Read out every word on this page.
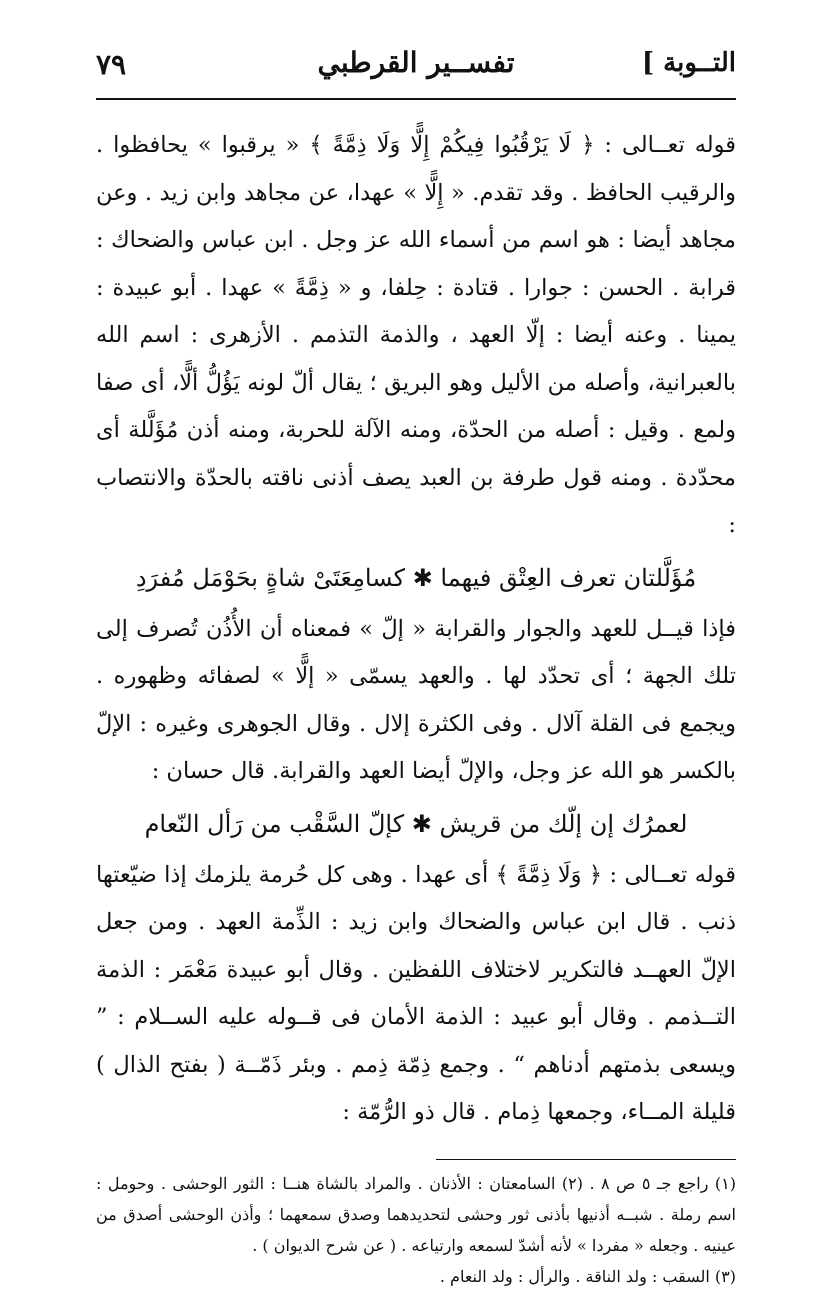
التــوبة ]
تفســير القرطبي
٧٩

قوله تعــالى : ﴿ لَا يَرْقُبُوا فِيكُمْ إِلًّا وَلَا ذِمَّةً ﴾ « يرقبوا » يحافظوا . والرقيب الحافظ . وقد تقدم. « إِلًّا » عهدا، عن مجاهد وابن زيد . وعن مجاهد أيضا : هو اسم من أسماء الله عز وجل . ابن عباس والضحاك : قرابة . الحسن : جوارا . قتادة : حِلفا، و « ذِمَّةً » عهدا . أبو عبيدة : يمينا . وعنه أيضا : إلّا العهد ، والذمة التذمم . الأزهرى : اسم الله بالعبرانية، وأصله من الأليل وهو البريق ؛ يقال ألّ لونه يَؤُلُّ ألًّا، أى صفا ولمع . وقيل : أصله من الحدّة، ومنه الآلة للحربة، ومنه أذن مُؤَلَّلة أى محدّدة . ومنه قول طرفة بن العبد يصف أذنى ناقته بالحدّة والانتصاب :

مُؤَلَّلتان تعرف العِتْق فيهما ✱ كسامِعَتَىْ شاةٍ بحَوْمَل مُفرَدِ

فإذا قيــل للعهد والجوار والقرابة « إلّ » فمعناه أن الأُذُن تُصرف إلى تلك الجهة ؛ أى تحدّد لها . والعهد يسمّى « إلًّا » لصفائه وظهوره . ويجمع فى القلة آلال . وفى الكثرة إلال . وقال الجوهرى وغيره : الإلّ بالكسر هو الله عز وجل، والإلّ أيضا العهد والقرابة. قال حسان :

لعمرُك إن إلّك من قريش ✱ كإلّ السَّقْب من رَأل النّعام

قوله تعــالى : ﴿ وَلَا ذِمَّةً ﴾ أى عهدا . وهى كل حُرمة يلزمك إذا ضيّعتها ذنب . قال ابن عباس والضحاك وابن زيد : الذِّمة العهد . ومن جعل الإلّ العهــد فالتكرير لاختلاف اللفظين . وقال أبو عبيدة مَعْمَر : الذمة التــذمم . وقال أبو عبيد : الذمة الأمان فى قــوله عليه الســلام : ” ويسعى بذمتهم أدناهم “ . وجمع ذِمّة ذِمم . وبئر ذَمّــة ( بفتح الذال ) قليلة المــاء، وجمعها ذِمام . قال ذو الرُّمّة :

(١) راجع جـ ٥ ص ٨ . (٢) السامعتان : الأذنان . والمراد بالشاة هنــا : الثور الوحشى . وحومل : اسم رملة . شبــه أذنيها بأذنى ثور وحشى لتحديدهما وصدق سمعهما ؛ وأذن الوحشى أصدق من عينيه . وجعله « مفردا » لأنه أشدّ لسمعه وارتياعه . ( عن شرح الديوان ) .

(٣) السقب : ولد الناقة . والرأل : ولد النعام .
